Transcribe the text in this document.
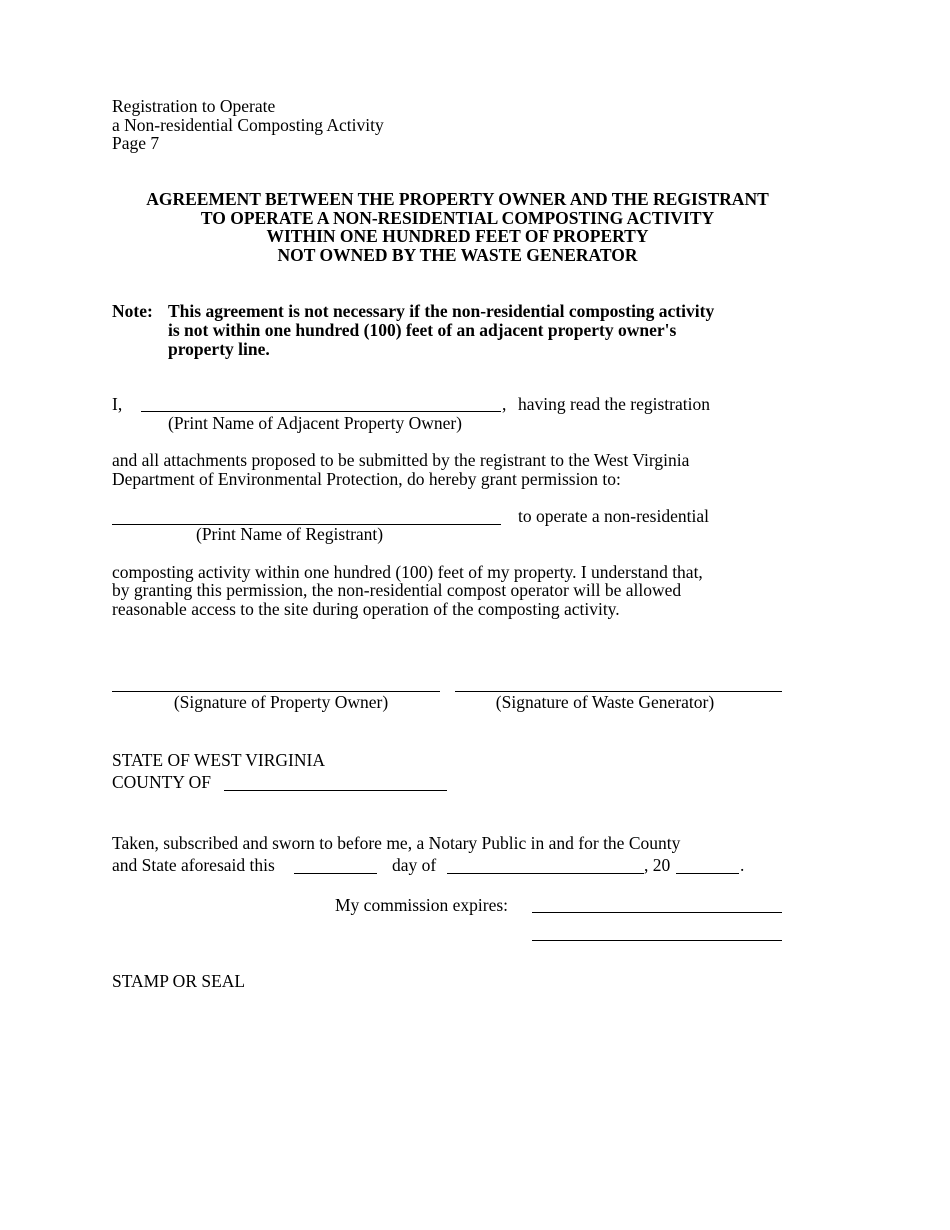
Registration to Operate
a Non-residential Composting Activity
Page 7
AGREEMENT BETWEEN THE PROPERTY OWNER AND THE REGISTRANT
TO OPERATE A NON-RESIDENTIAL COMPOSTING ACTIVITY
WITHIN ONE HUNDRED FEET OF PROPERTY
NOT OWNED BY THE WASTE GENERATOR
Note: This agreement is not necessary if the non-residential composting activity
is not within one hundred (100) feet of an adjacent property owner's
property line.
I,	, having read the registration
(Print Name of Adjacent Property Owner)
and all attachments proposed to be submitted by the registrant to the West Virginia
Department of Environmental Protection, do hereby grant permission to:
to operate a non-residential
(Print Name of Registrant)
composting activity within one hundred (100) feet of my property. I understand that,
by granting this permission, the non-residential compost operator will be allowed
reasonable access to the site during operation of the composting activity.
(Signature of Property Owner)	(Signature of Waste Generator)
STATE OF WEST VIRGINIA
COUNTY OF
Taken, subscribed and sworn to before me, a Notary Public in and for the County
and State aforesaid this	day of	, 20	.
My commission expires:
STAMP OR SEAL
